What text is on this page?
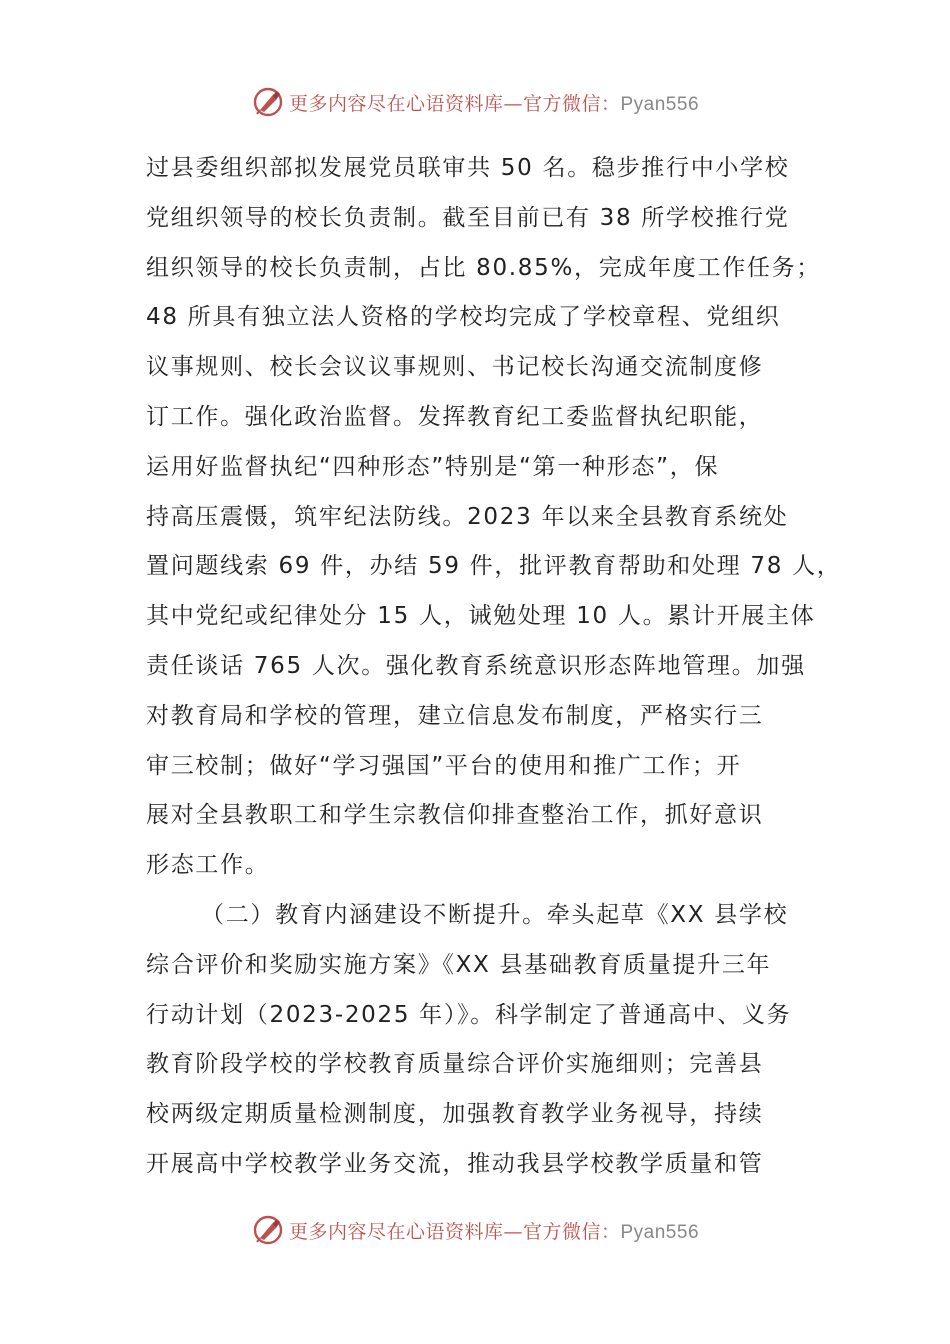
更多内容尽在心语资料库—官方微信：Pyan556
过县委组织部拟发展党员联审共 50 名。稳步推行中小学校
党组织领导的校长负责制。截至目前已有 38 所学校推行党
组织领导的校长负责制，占比 80.85%，完成年度工作任务；
48 所具有独立法人资格的学校均完成了学校章程、党组织
议事规则、校长会议议事规则、书记校长沟通交流制度修
订工作。强化政治监督。发挥教育纪工委监督执纪职能，
运用好监督执纪“四种形态”特别是“第一种形态”，保
持高压震慑，筑牢纪法防线。2023 年以来全县教育系统处
置问题线索 69 件，办结 59 件，批评教育帮助和处理 78 人，
其中党纪或纪律处分 15 人，诫勉处理 10 人。累计开展主体
责任谈话 765 人次。强化教育系统意识形态阵地管理。加强
对教育局和学校的管理，建立信息发布制度，严格实行三
审三校制；做好“学习强国”平台的使用和推广工作；开
展对全县教职工和学生宗教信仰排查整治工作，抓好意识
形态工作。
（二）教育内涵建设不断提升。牵头起草《XX 县学校
综合评价和奖励实施方案》《XX 县基础教育质量提升三年
行动计划（2023-2025 年）》。科学制定了普通高中、义务
教育阶段学校的学校教育质量综合评价实施细则；完善县
校两级定期质量检测制度，加强教育教学业务视导，持续
开展高中学校教学业务交流，推动我县学校教学质量和管
更多内容尽在心语资料库—官方微信：Pyan556
